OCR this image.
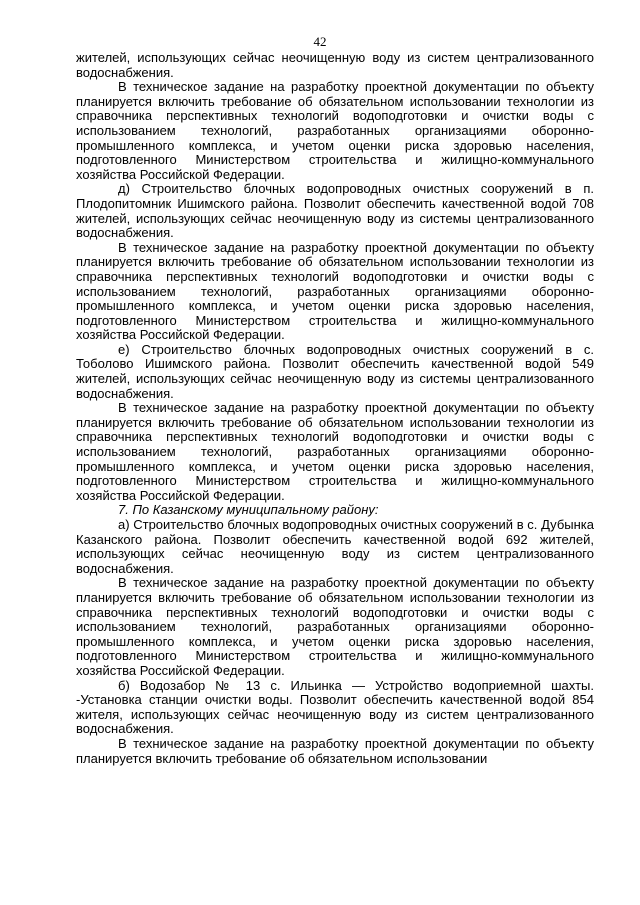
42

жителей, использующих сейчас неочищенную воду из систем централизованного водоснабжения.

В техническое задание на разработку проектной документации по объекту планируется включить требование об обязательном использовании технологии из справочника перспективных технологий водоподготовки и очистки воды с использованием технологий, разработанных организациями оборонно-промышленного комплекса, и учетом оценки риска здоровью населения, подготовленного Министерством строительства и жилищно-коммунального хозяйства Российской Федерации.

д) Строительство блочных водопроводных очистных сооружений в п. Плодопитомник Ишимского района. Позволит обеспечить качественной водой 708 жителей, использующих сейчас неочищенную воду из системы централизованного водоснабжения.

В техническое задание на разработку проектной документации по объекту планируется включить требование об обязательном использовании технологии из справочника перспективных технологий водоподготовки и очистки воды с использованием технологий, разработанных организациями оборонно-промышленного комплекса, и учетом оценки риска здоровью населения, подготовленного Министерством строительства и жилищно-коммунального хозяйства Российской Федерации.

е) Строительство блочных водопроводных очистных сооружений в с. Тоболово Ишимского района. Позволит обеспечить качественной водой 549 жителей, использующих сейчас неочищенную воду из системы централизованного водоснабжения.

В техническое задание на разработку проектной документации по объекту планируется включить требование об обязательном использовании технологии из справочника перспективных технологий водоподготовки и очистки воды с использованием технологий, разработанных организациями оборонно-промышленного комплекса, и учетом оценки риска здоровью населения, подготовленного Министерством строительства и жилищно-коммунального хозяйства Российской Федерации.

7. По Казанскому муниципальному району:

а) Строительство блочных водопроводных очистных сооружений в с. Дубынка Казанского района. Позволит обеспечить качественной водой 692 жителей, использующих сейчас неочищенную воду из систем централизованного водоснабжения.

В техническое задание на разработку проектной документации по объекту планируется включить требование об обязательном использовании технологии из справочника перспективных технологий водоподготовки и очистки воды с использованием технологий, разработанных организациями оборонно-промышленного комплекса, и учетом оценки риска здоровью населения, подготовленного Министерством строительства и жилищно-коммунального хозяйства Российской Федерации.

б) Водозабор № 13 с. Ильинка — Устройство водоприемной шахты. -Установка станции очистки воды. Позволит обеспечить качественной водой 854 жителя, использующих сейчас неочищенную воду из систем централизованного водоснабжения.

В техническое задание на разработку проектной документации по объекту планируется включить требование об обязательном использовании
